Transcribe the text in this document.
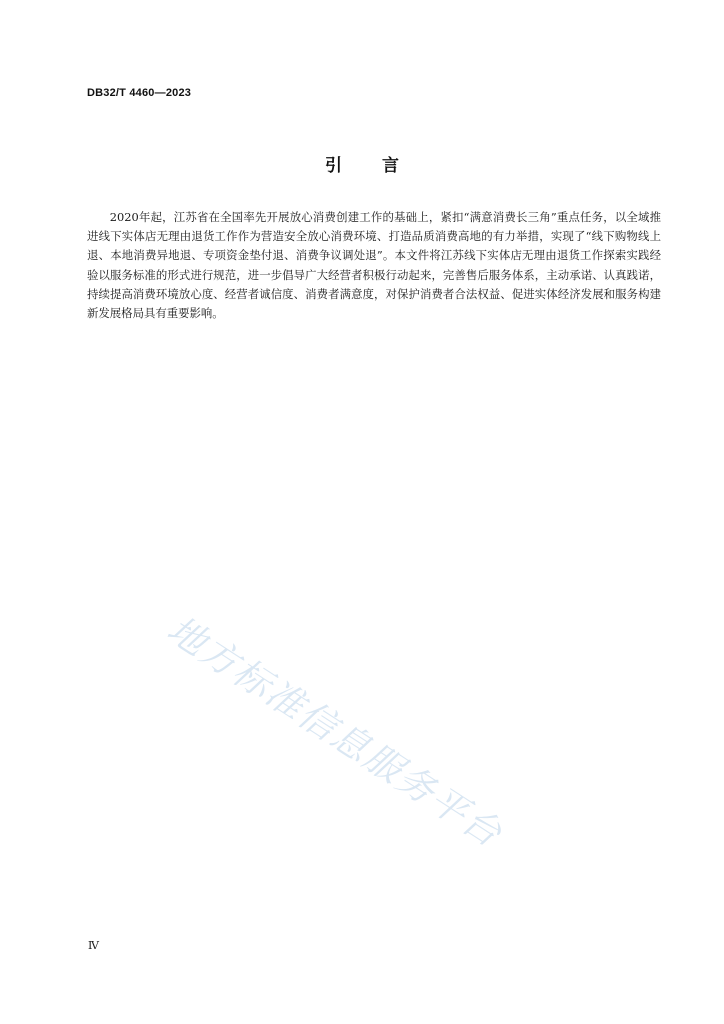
DB32/T 4460—2023
引 言

2020年起，江苏省在全国率先开展放心消费创建工作的基础上，紧扣“满意消费长三角”重点任务，以全域推进线下实体店无理由退货工作作为营造安全放心消费环境、打造品质消费高地的有力举措，实现了“线下购物线上退、本地消费异地退、专项资金垫付退、消费争议调处退”。本文件将江苏线下实体店无理由退货工作探索实践经验以服务标准的形式进行规范，进一步倡导广大经营者积极行动起来，完善售后服务体系，主动承诺、认真践诺，持续提高消费环境放心度、经营者诚信度、消费者满意度，对保护消费者合法权益、促进实体经济发展和服务构建新发展格局具有重要影响。

Ⅳ
地方标准信息服务平台
